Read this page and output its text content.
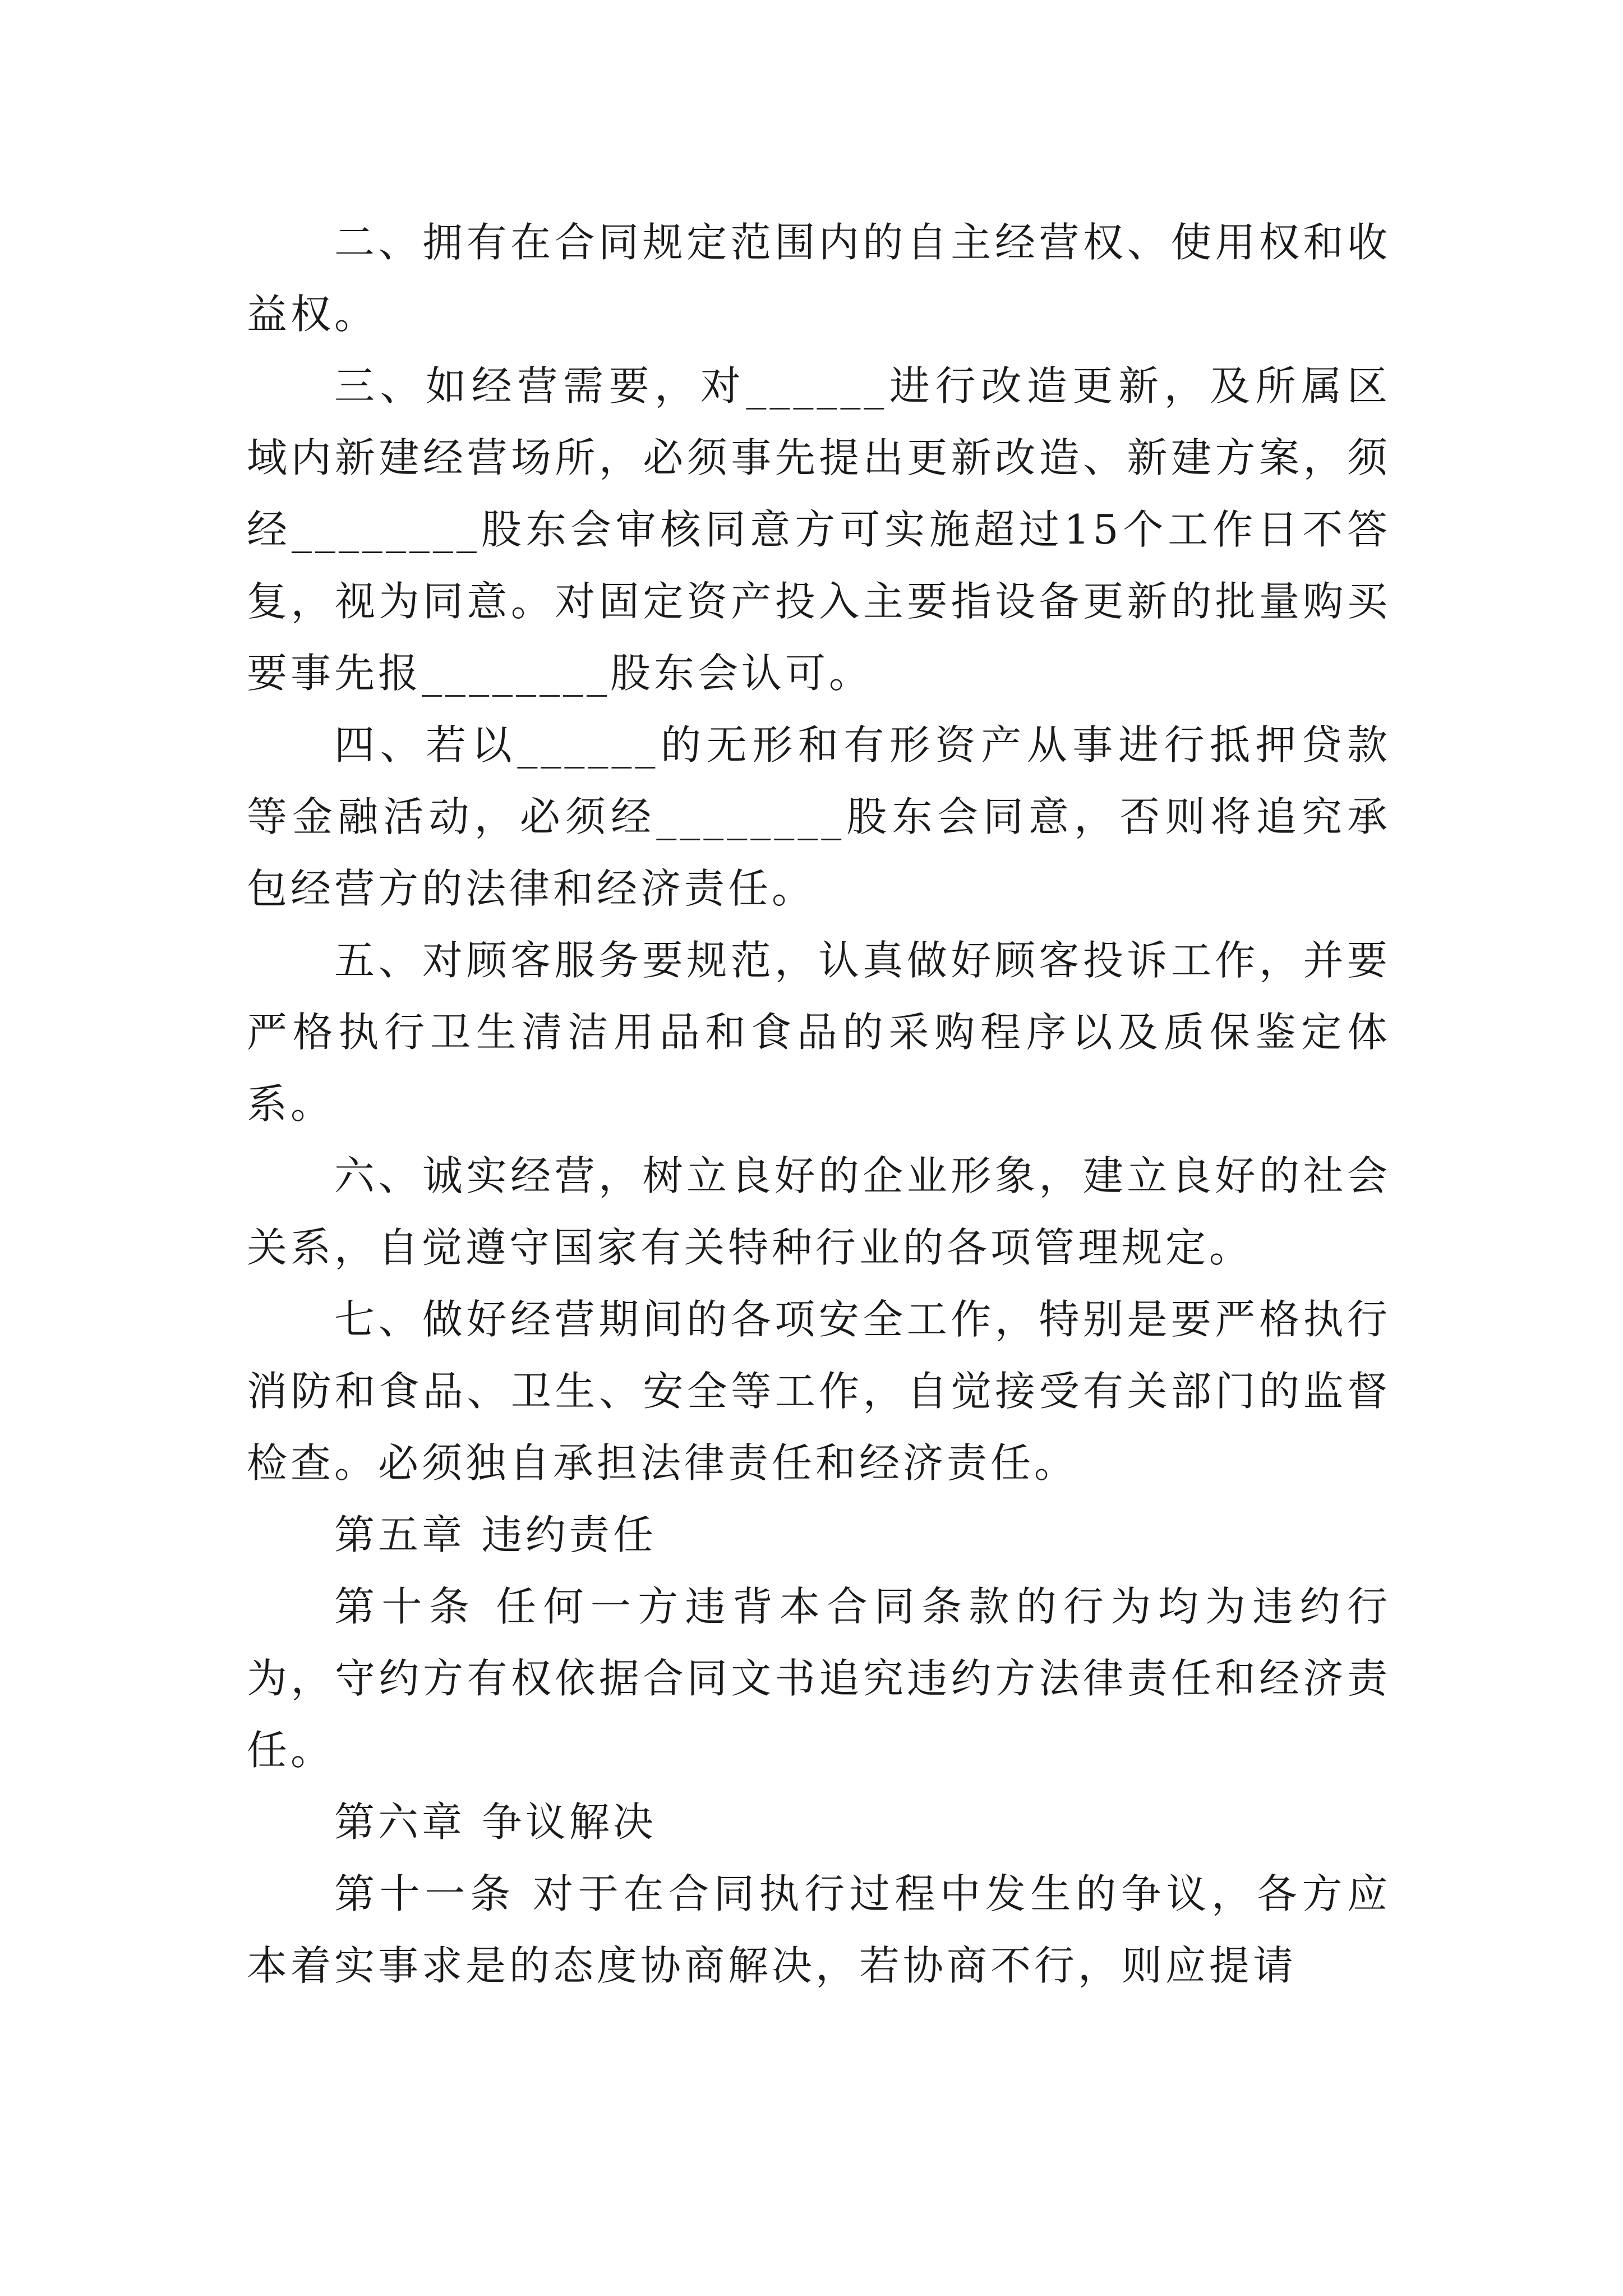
二、拥有在合同规定范围内的自主经营权、使用权和收益权。

三、如经营需要，对______进行改造更新，及所属区域内新建经营场所，必须事先提出更新改造、新建方案，须经________股东会审核同意方可实施超过15个工作日不答复，视为同意。对固定资产投入主要指设备更新的批量购买要事先报________股东会认可。

四、若以______的无形和有形资产从事进行抵押贷款等金融活动，必须经________股东会同意，否则将追究承包经营方的法律和经济责任。

五、对顾客服务要规范，认真做好顾客投诉工作，并要严格执行卫生清洁用品和食品的采购程序以及质保鉴定体系。

六、诚实经营，树立良好的企业形象，建立良好的社会关系，自觉遵守国家有关特种行业的各项管理规定。

七、做好经营期间的各项安全工作，特别是要严格执行消防和食品、卫生、安全等工作，自觉接受有关部门的监督检查。必须独自承担法律责任和经济责任。

第五章 违约责任

第十条 任何一方违背本合同条款的行为均为违约行为，守约方有权依据合同文书追究违约方法律责任和经济责任。

第六章 争议解决

第十一条 对于在合同执行过程中发生的争议，各方应本着实事求是的态度协商解决，若协商不行，则应提请
